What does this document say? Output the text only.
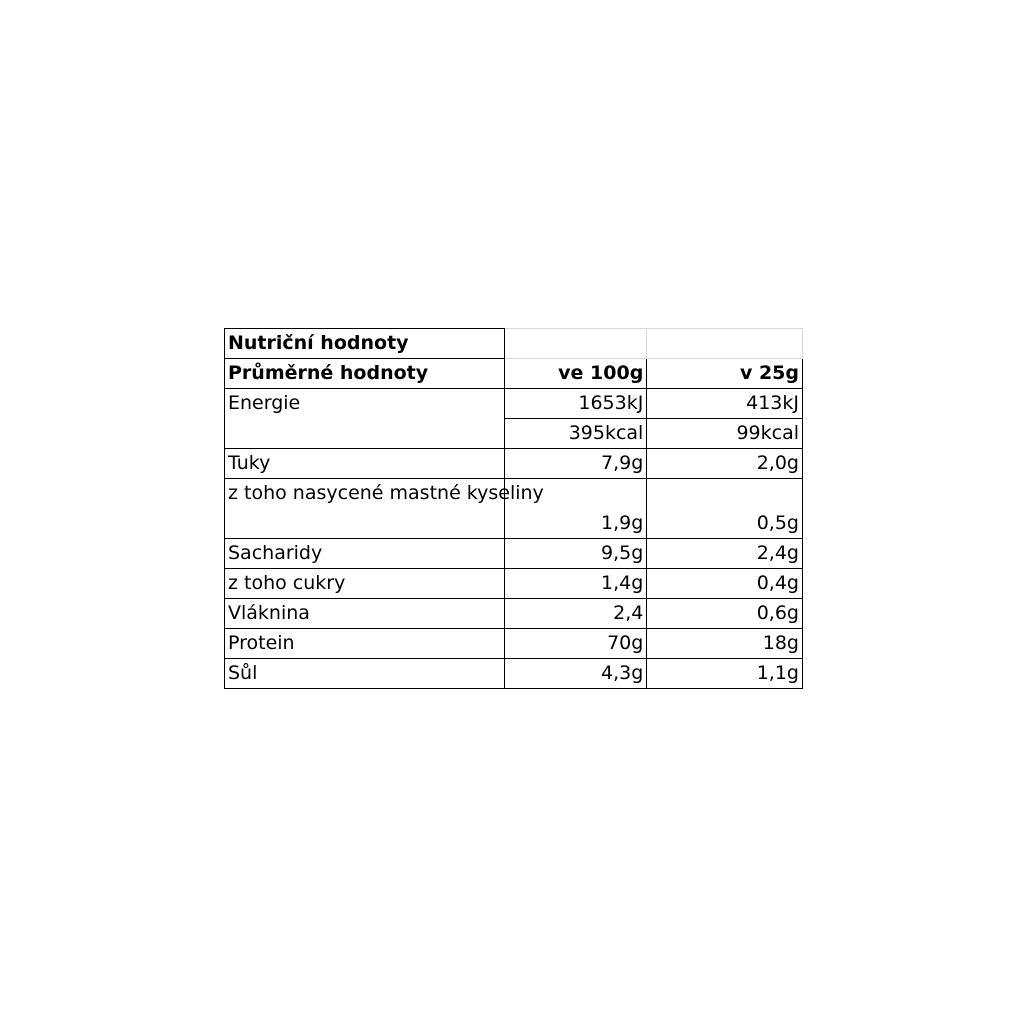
Nutriční hodnoty		
Průměrné hodnoty	ve 100g	v 25g
Energie	1653kJ	413kJ
	395kcal	99kcal
Tuky	7,9g	2,0g
z toho nasycené mastné kyseliny	1,9g	0,5g
Sacharidy	9,5g	2,4g
z toho cukry	1,4g	0,4g
Vláknina	2,4	0,6g
Protein	70g	18g
Sůl	4,3g	1,1g
